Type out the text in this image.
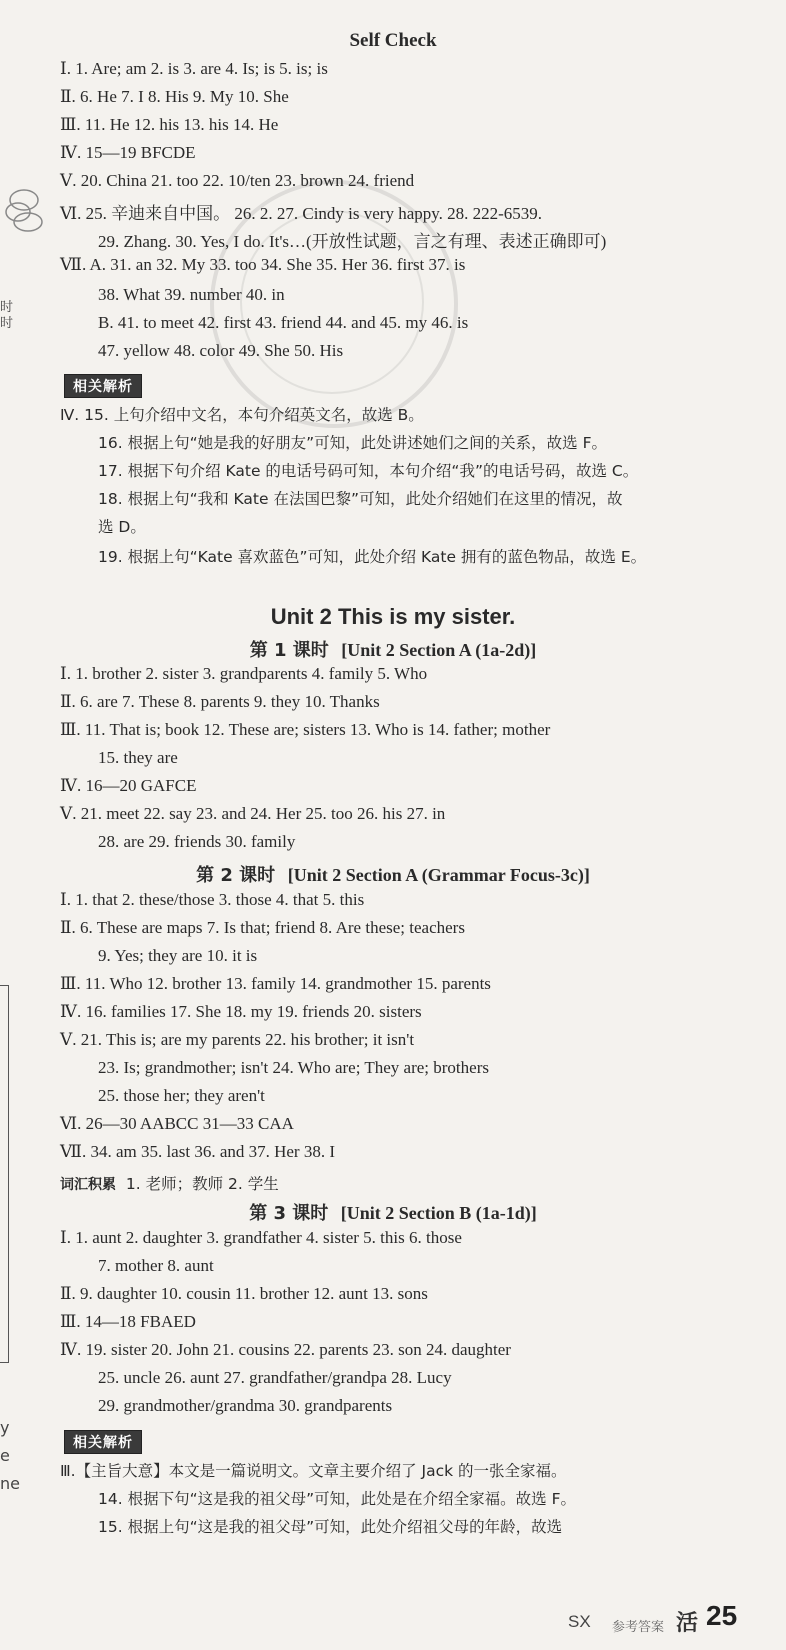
时
时
y
e
ne
Self Check
Ⅰ. 1. Are; am 2. is 3. are 4. Is; is 5. is; is
Ⅱ. 6. He 7. I 8. His 9. My 10. She
Ⅲ. 11. He 12. his 13. his 14. He
Ⅳ. 15—19 BFCDE
Ⅴ. 20. China 21. too 22. 10/ten 23. brown 24. friend
Ⅵ. 25. 辛迪来自中国。 26. 2. 27. Cindy is very happy. 28. 222-6539.
29. Zhang. 30. Yes, I do. It's…(开放性试题，言之有理、表述正确即可)
Ⅶ. A. 31. an 32. My 33. too 34. She 35. Her 36. first 37. is
38. What 39. number 40. in
B. 41. to meet 42. first 43. friend 44. and 45. my 46. is
47. yellow 48. color 49. She 50. His
相关解析
Ⅳ. 15. 上句介绍中文名，本句介绍英文名，故选 B。
16. 根据上句“她是我的好朋友”可知，此处讲述她们之间的关系，故选 F。
17. 根据下句介绍 Kate 的电话号码可知，本句介绍“我”的电话号码，故选 C。
18. 根据上句“我和 Kate 在法国巴黎”可知，此处介绍她们在这里的情况，故
选 D。
19. 根据上句“Kate 喜欢蓝色”可知，此处介绍 Kate 拥有的蓝色物品，故选 E。
Unit 2 This is my sister.
第 1 课时 [Unit 2 Section A (1a-2d)]
Ⅰ. 1. brother 2. sister 3. grandparents 4. family 5. Who
Ⅱ. 6. are 7. These 8. parents 9. they 10. Thanks
Ⅲ. 11. That is; book 12. These are; sisters 13. Who is 14. father; mother
15. they are
Ⅳ. 16—20 GAFCE
Ⅴ. 21. meet 22. say 23. and 24. Her 25. too 26. his 27. in
28. are 29. friends 30. family
第 2 课时 [Unit 2 Section A (Grammar Focus-3c)]
Ⅰ. 1. that 2. these/those 3. those 4. that 5. this
Ⅱ. 6. These are maps 7. Is that; friend 8. Are these; teachers
9. Yes; they are 10. it is
Ⅲ. 11. Who 12. brother 13. family 14. grandmother 15. parents
Ⅳ. 16. families 17. She 18. my 19. friends 20. sisters
Ⅴ. 21. This is; are my parents 22. his brother; it isn't
23. Is; grandmother; isn't 24. Who are; They are; brothers
25. those her; they aren't
Ⅵ. 26—30 AABCC 31—33 CAA
Ⅶ. 34. am 35. last 36. and 37. Her 38. I
词汇积累 1. 老师；教师 2. 学生
第 3 课时 [Unit 2 Section B (1a-1d)]
Ⅰ. 1. aunt 2. daughter 3. grandfather 4. sister 5. this 6. those
7. mother 8. aunt
Ⅱ. 9. daughter 10. cousin 11. brother 12. aunt 13. sons
Ⅲ. 14—18 FBAED
Ⅳ. 19. sister 20. John 21. cousins 22. parents 23. son 24. daughter
25. uncle 26. aunt 27. grandfather/grandpa 28. Lucy
29. grandmother/grandma 30. grandparents
相关解析
Ⅲ.【主旨大意】本文是一篇说明文。文章主要介绍了 Jack 的一张全家福。
14. 根据下句“这是我的祖父母”可知，此处是在介绍全家福。故选 F。
15. 根据上句“这是我的祖父母”可知，此处介绍祖父母的年龄，故选
SX 参考答案 活 25
